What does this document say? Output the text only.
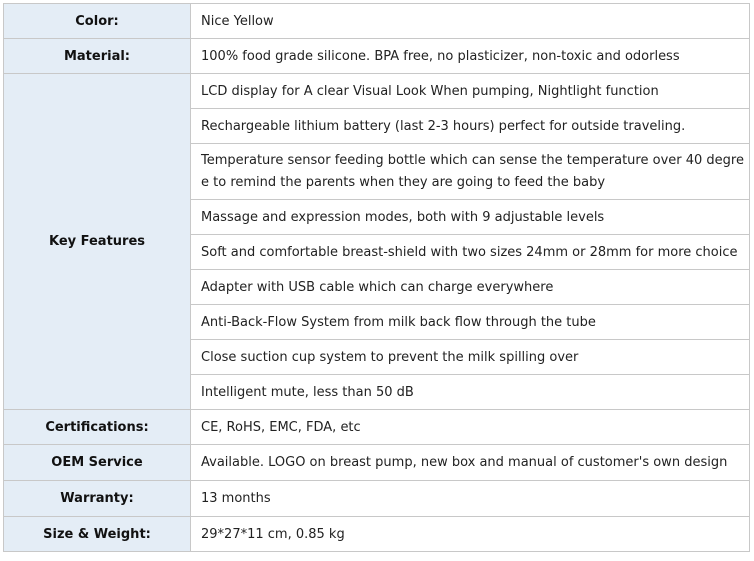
Color:	Nice Yellow
Material:	100% food grade silicone. BPA free, no plasticizer, non-toxic and odorless
Key Features	LCD display for A clear Visual Look When pumping, Nightlight function
	Rechargeable lithium battery (last 2-3 hours) perfect for outside traveling.
	Temperature sensor feeding bottle which can sense the temperature over 40 degree to remind the parents when they are going to feed the baby
	Massage and expression modes, both with 9 adjustable levels
	Soft and comfortable breast-shield with two sizes 24mm or 28mm for more choice
	Adapter with USB cable which can charge everywhere
	Anti-Back-Flow System from milk back flow through the tube
	Close suction cup system to prevent the milk spilling over
	Intelligent mute, less than 50 dB
Certifications:	CE, RoHS, EMC, FDA, etc
OEM Service	Available. LOGO on breast pump, new box and manual of customer's own design
Warranty:	13 months
Size & Weight:	29*27*11 cm, 0.85 kg
